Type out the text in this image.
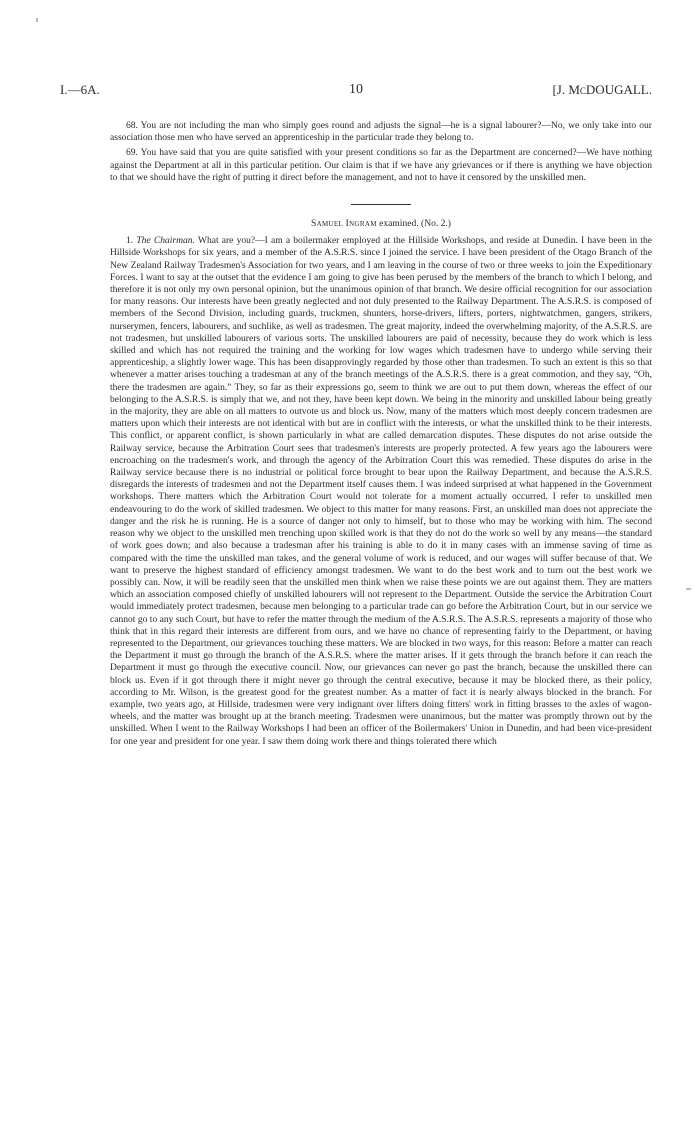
I.—6A.	10	[J. McDOUGALL.

68. You are not including the man who simply goes round and adjusts the signal—he is a signal labourer?—No, we only take into our association those men who have served an apprenticeship in the particular trade they belong to.

69. You have said that you are quite satisfied with your present conditions so far as the Department are concerned?—We have nothing against the Department at all in this particular petition. Our claim is that if we have any grievances or if there is anything we have objection to that we should have the right of putting it direct before the management, and not to have it censored by the unskilled men.

Samuel Ingram examined. (No. 2.)

1. The Chairman. What are you?—I am a boilermaker employed at the Hillside Workshops, and reside at Dunedin. I have been in the Hillside Workshops for six years, and a member of the A.S.R.S. since I joined the service. I have been president of the Otago Branch of the New Zealand Railway Tradesmen's Association for two years, and I am leaving in the course of two or three weeks to join the Expeditionary Forces. I want to say at the outset that the evidence I am going to give has been perused by the members of the branch to which I belong, and therefore it is not only my own personal opinion, but the unanimous opinion of that branch. We desire official recognition for our association for many reasons. Our interests have been greatly neglected and not duly presented to the Railway Department. The A.S.R.S. is composed of members of the Second Division, including guards, truckmen, shunters, horse-drivers, lifters, porters, nightwatchmen, gangers, strikers, nurserymen, fencers, labourers, and suchlike, as well as tradesmen. The great majority, indeed the overwhelming majority, of the A.S.R.S. are not tradesmen, but unskilled labourers of various sorts. The unskilled labourers are paid of necessity, because they do work which is less skilled and which has not required the training and the working for low wages which tradesmen have to undergo while serving their apprenticeship, a slightly lower wage. This has been disapprovingly regarded by those other than tradesmen. To such an extent is this so that whenever a matter arises touching a tradesman at any of the branch meetings of the A.S.R.S. there is a great commotion, and they say, “Oh, there the tradesmen are again.” They, so far as their expressions go, seem to think we are out to put them down, whereas the effect of our belonging to the A.S.R.S. is simply that we, and not they, have been kept down. We being in the minority and unskilled labour being greatly in the majority, they are able on all matters to outvote us and block us. Now, many of the matters which most deeply concern tradesmen are matters upon which their interests are not identical with but are in conflict with the interests, or what the unskilled think to be their interests. This conflict, or apparent conflict, is shown particularly in what are called demarcation disputes. These disputes do not arise outside the Railway service, because the Arbitration Court sees that tradesmen's interests are properly protected. A few years ago the labourers were encroaching on the tradesmen's work, and through the agency of the Arbitration Court this was remedied. These disputes do arise in the Railway service because there is no industrial or political force brought to bear upon the Railway Department, and because the A.S.R.S. disregards the interests of tradesmen and not the Department itself causes them. I was indeed surprised at what happened in the Government workshops. There matters which the Arbitration Court would not tolerate for a moment actually occurred. I refer to unskilled men endeavouring to do the work of skilled tradesmen. We object to this matter for many reasons. First, an unskilled man does not appreciate the danger and the risk he is running. He is a source of danger not only to himself, but to those who may be working with him. The second reason why we object to the unskilled men trenching upon skilled work is that they do not do the work so well by any means—the standard of work goes down; and also because a tradesman after his training is able to do it in many cases with an immense saving of time as compared with the time the unskilled man takes, and the general volume of work is reduced, and our wages will suffer because of that. We want to preserve the highest standard of efficiency amongst tradesmen. We want to do the best work and to turn out the best work we possibly can. Now, it will be readily seen that the unskilled men think when we raise these points we are out against them. They are matters which an association composed chiefly of unskilled labourers will not represent to the Department. Outside the service the Arbitration Court would immediately protect tradesmen, because men belonging to a particular trade can go before the Arbitration Court, but in our service we cannot go to any such Court, but have to refer the matter through the medium of the A.S.R.S. The A.S.R.S. represents a majority of those who think that in this regard their interests are different from ours, and we have no chance of representing fairly to the Department, or having represented to the Department, our grievances touching these matters. We are blocked in two ways, for this reason: Before a matter can reach the Department it must go through the branch of the A.S.R.S. where the matter arises. If it gets through the branch before it can reach the Department it must go through the executive council. Now, our grievances can never go past the branch, because the unskilled there can block us. Even if it got through there it might never go through the central executive, because it may be blocked there, as their policy, according to Mr. Wilson, is the greatest good for the greatest number. As a matter of fact it is nearly always blocked in the branch. For example, two years ago, at Hillside, tradesmen were very indignant over lifters doing fitters' work in fitting brasses to the axles of wagon-wheels, and the matter was brought up at the branch meeting. Tradesmen were unanimous, but the matter was promptly thrown out by the unskilled. When I went to the Railway Workshops I had been an officer of the Boilermakers' Union in Dunedin, and had been vice-president for one year and president for one year. I saw them doing work there and things tolerated there which
